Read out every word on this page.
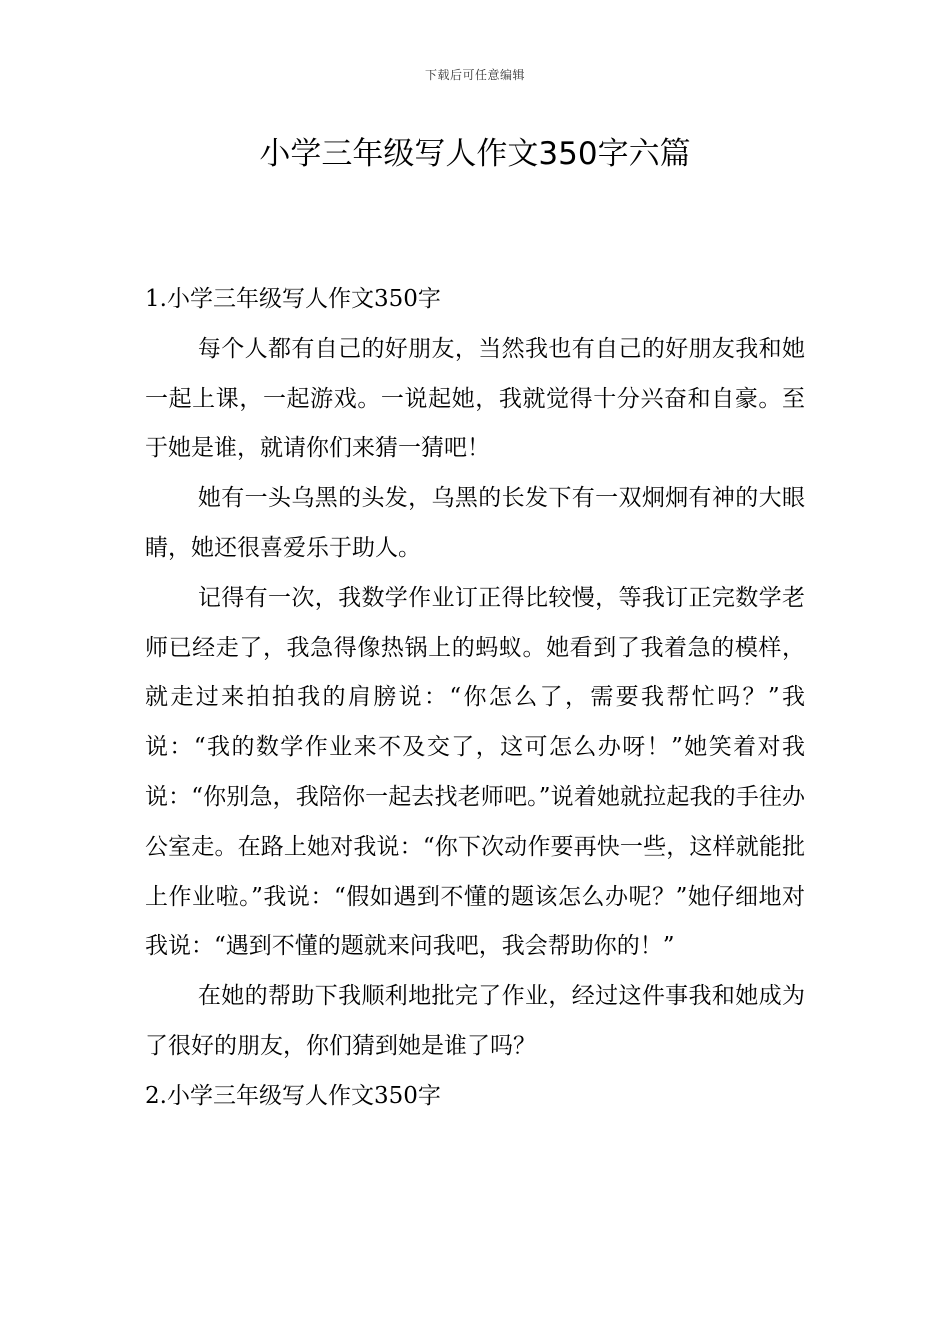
下载后可任意编辑
小学三年级写人作文350字六篇

1.小学三年级写人作文350字

每个人都有自己的好朋友，当然我也有自己的好朋友我和她一起上课，一起游戏。一说起她，我就觉得十分兴奋和自豪。至于她是谁，就请你们来猜一猜吧！

她有一头乌黑的头发，乌黑的长发下有一双炯炯有神的大眼睛，她还很喜爱乐于助人。

记得有一次，我数学作业订正得比较慢，等我订正完数学老师已经走了，我急得像热锅上的蚂蚁。她看到了我着急的模样，就走过来拍拍我的肩膀说：“你怎么了，需要我帮忙吗？”我说：“我的数学作业来不及交了，这可怎么办呀！”她笑着对我说：“你别急，我陪你一起去找老师吧。”说着她就拉起我的手往办公室走。在路上她对我说：“你下次动作要再快一些，这样就能批上作业啦。”我说：“假如遇到不懂的题该怎么办呢？”她仔细地对我说：“遇到不懂的题就来问我吧，我会帮助你的！”

在她的帮助下我顺利地批完了作业，经过这件事我和她成为了很好的朋友，你们猜到她是谁了吗？

2.小学三年级写人作文350字
